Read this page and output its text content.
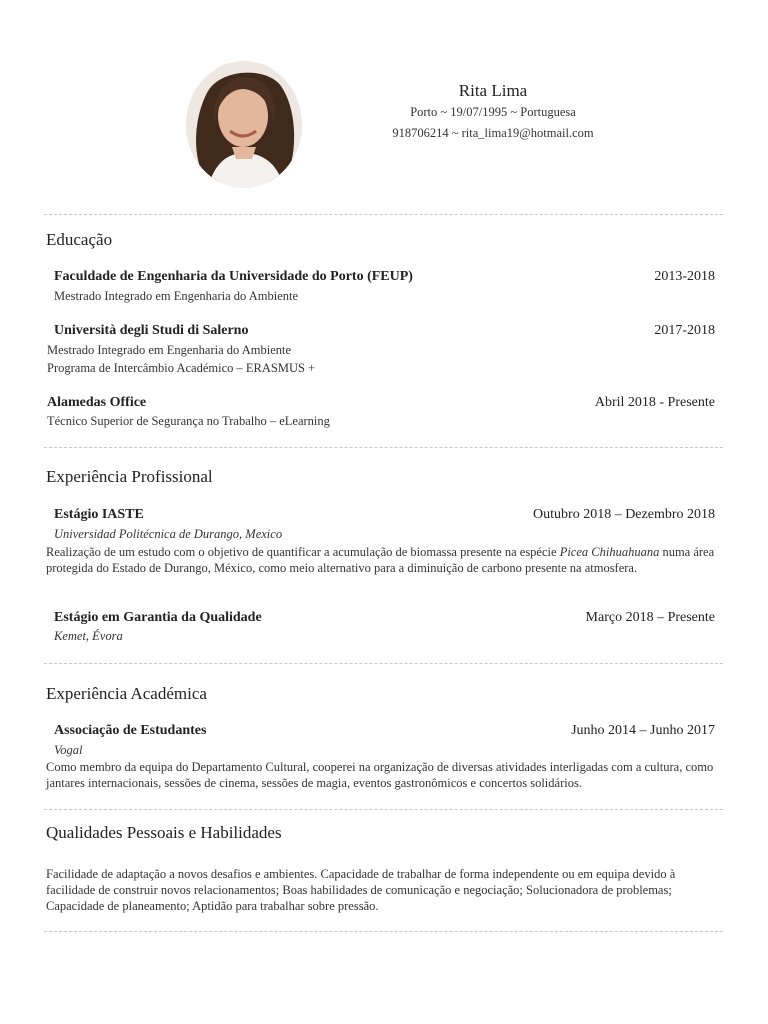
Rita Lima
Porto ~ 19/07/1995 ~ Portuguesa
918706214 ~ rita_lima19@hotmail.com
Educação
Faculdade de Engenharia da Universidade do Porto (FEUP)	2013-2018
Mestrado Integrado em Engenharia do Ambiente
Università degli Studi di Salerno	2017-2018
Mestrado Integrado em Engenharia do Ambiente
Programa de Intercâmbio Académico – ERASMUS +
Alamedas Office	Abril 2018 - Presente
Técnico Superior de Segurança no Trabalho – eLearning
Experiência Profissional
Estágio IASTE	Outubro 2018 – Dezembro 2018
Universidad Politécnica de Durango, Mexico
Realização de um estudo com o objetivo de quantificar a acumulação de biomassa presente na espécie Picea Chihuahuana numa área protegida do Estado de Durango, México, como meio alternativo para a diminuição de carbono presente na atmosfera.
Estágio em Garantia da Qualidade	Março 2018 – Presente
Kemet, Évora
Experiência Académica
Associação de Estudantes	Junho 2014 – Junho 2017
Vogal
Como membro da equipa do Departamento Cultural, cooperei na organização de diversas atividades interligadas com a cultura, como jantares internacionais, sessões de cinema, sessões de magia, eventos gastronômicos e concertos solidários.
Qualidades Pessoais e Habilidades
Facilidade de adaptação a novos desafios e ambientes. Capacidade de trabalhar de forma independente ou em equipa devido à facilidade de construir novos relacionamentos; Boas habilidades de comunicação e negociação; Solucionadora de problemas; Capacidade de planeamento; Aptidão para trabalhar sobre pressão.
